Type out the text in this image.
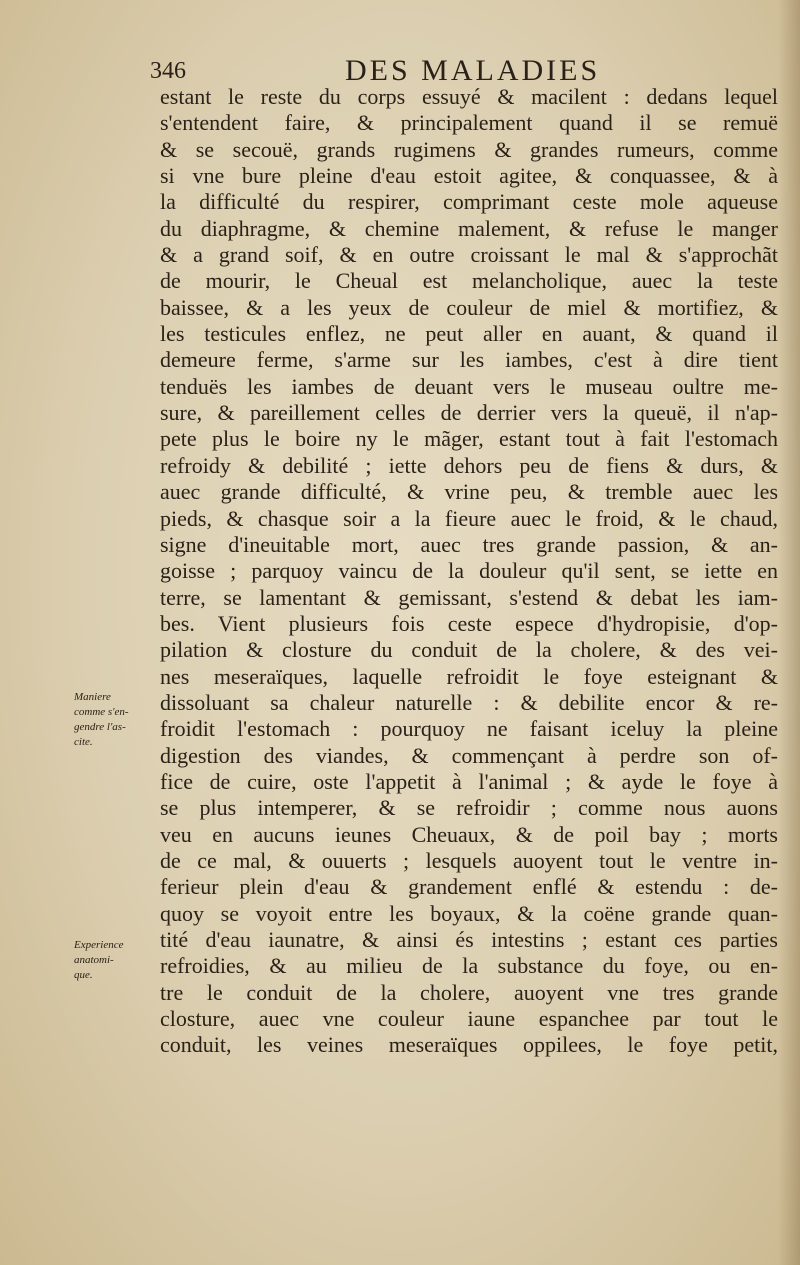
346	DES MALADIES
estant le reste du corps essuyé & macilent : dedans lequel
s'entendent faire, & principalement quand il se remuë
& se secouë, grands rugimens & grandes rumeurs, comme
si vne bure pleine d'eau estoit agitee, & conquassee, & à
la difficulté du respirer, comprimant ceste mole aqueuse
du diaphragme, & chemine malement, & refuse le manger
& a grand soif, & en outre croissant le mal & s'approchãt
de mourir, le Cheual est melancholique, auec la teste
baissee, & a les yeux de couleur de miel & mortifiez, &
les testicules enflez, ne peut aller en auant, & quand il
demeure ferme, s'arme sur les iambes, c'est à dire tient
tenduës les iambes de deuant vers le museau oultre me-
sure, & pareillement celles de derrier vers la queuë, il n'ap-
pete plus le boire ny le mãger, estant tout à fait l'estomach
refroidy & debilité ; iette dehors peu de fiens & durs, &
auec grande difficulté, & vrine peu, & tremble auec les
pieds, & chasque soir a la fieure auec le froid, & le chaud,
signe d'ineuitable mort, auec tres grande passion, & an-
goisse ; parquoy vaincu de la douleur qu'il sent, se iette en
terre, se lamentant & gemissant, s'estend & debat les iam-
bes. Vient plusieurs fois ceste espece d'hydropisie, d'op-
pilation & closture du conduit de la cholere, & des vei-
nes meseraïques, laquelle refroidit le foye esteignant &
dissoluant sa chaleur naturelle : & debilite encor & re-
froidit l'estomach : pourquoy ne faisant iceluy la pleine
digestion des viandes, & commençant à perdre son of-
fice de cuire, oste l'appetit à l'animal ; & ayde le foye à
se plus intemperer, & se refroidir ; comme nous auons
veu en aucuns ieunes Cheuaux, & de poil bay ; morts
de ce mal, & ouuerts ; lesquels auoyent tout le ventre in-
ferieur plein d'eau & grandement enflé & estendu : de-
quoy se voyoit entre les boyaux, & la coëne grande quan-
tité d'eau iaunatre, & ainsi és intestins ; estant ces parties
refroidies, & au milieu de la substance du foye, ou en-
tre le conduit de la cholere, auoyent vne tres grande
closture, auec vne couleur iaune espanchee par tout le
conduit, les veines meseraïques oppilees, le foye petit,
Maniere
comme s'en-
gendre l'as-
cite.
Experience
anatomi-
que.
